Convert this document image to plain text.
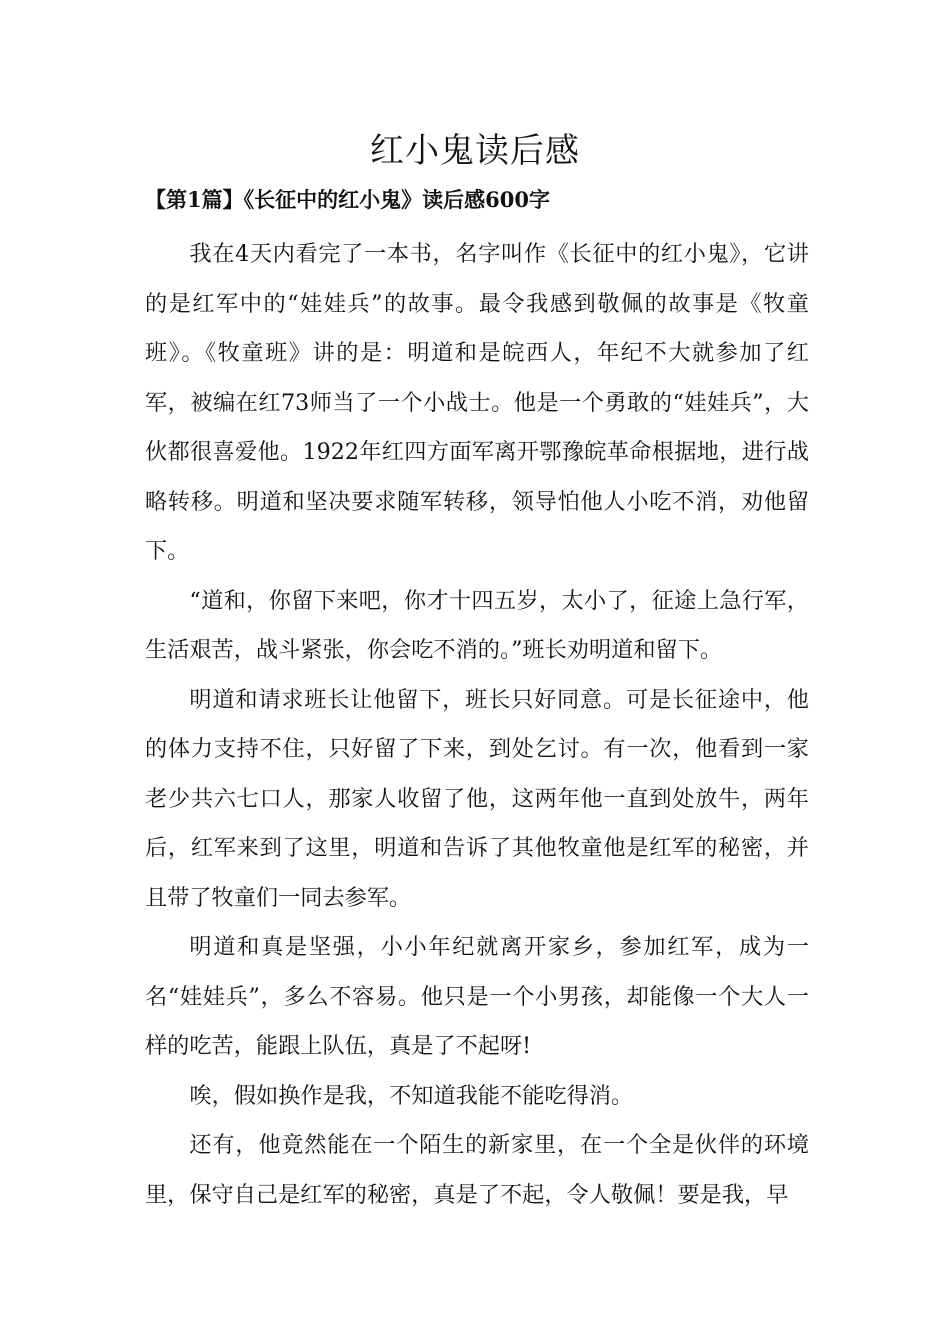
红小鬼读后感
【第1篇】《长征中的红小鬼》读后感600字

我在4天内看完了一本书，名字叫作《长征中的红小鬼》，它讲的是红军中的“娃娃兵”的故事。最令我感到敬佩的故事是《牧童班》。《牧童班》讲的是：明道和是皖西人，年纪不大就参加了红军，被编在红73师当了一个小战士。他是一个勇敢的“娃娃兵”，大伙都很喜爱他。1922年红四方面军离开鄂豫皖革命根据地，进行战略转移。明道和坚决要求随军转移，领导怕他人小吃不消，劝他留下。

“道和，你留下来吧，你才十四五岁，太小了，征途上急行军，生活艰苦，战斗紧张，你会吃不消的。”班长劝明道和留下。

明道和请求班长让他留下，班长只好同意。可是长征途中，他的体力支持不住，只好留了下来，到处乞讨。有一次，他看到一家老少共六七口人，那家人收留了他，这两年他一直到处放牛，两年后，红军来到了这里，明道和告诉了其他牧童他是红军的秘密，并且带了牧童们一同去参军。

明道和真是坚强，小小年纪就离开家乡，参加红军，成为一名“娃娃兵”，多么不容易。他只是一个小男孩，却能像一个大人一样的吃苦，能跟上队伍，真是了不起呀!

唉，假如换作是我，不知道我能不能吃得消。

还有，他竟然能在一个陌生的新家里，在一个全是伙伴的环境里，保守自己是红军的秘密，真是了不起，令人敬佩！要是我，早
